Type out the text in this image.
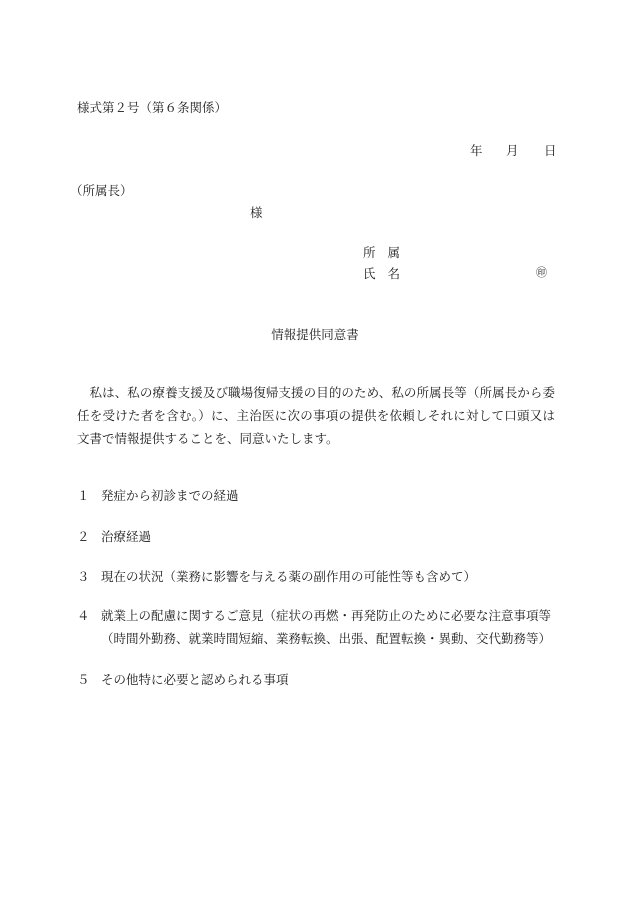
様式第２号（第６条関係）
年 月 日
（所属長）
様
所属
氏名	㊞
情報提供同意書

私は、私の療養支援及び職場復帰支援の目的のため、私の所属長等（所属長から委任を受けた者を含む。）に、主治医に次の事項の提供を依頼しそれに対して口頭又は文書で情報提供することを、同意いたします。

１ 発症から初診までの経過
２ 治療経過
３ 現在の状況（業務に影響を与える薬の副作用の可能性等も含めて）
４ 就業上の配慮に関するご意見（症状の再燃・再発防止のために必要な注意事項等（時間外勤務、就業時間短縮、業務転換、出張、配置転換・異動、交代勤務等）
５ その他特に必要と認められる事項
